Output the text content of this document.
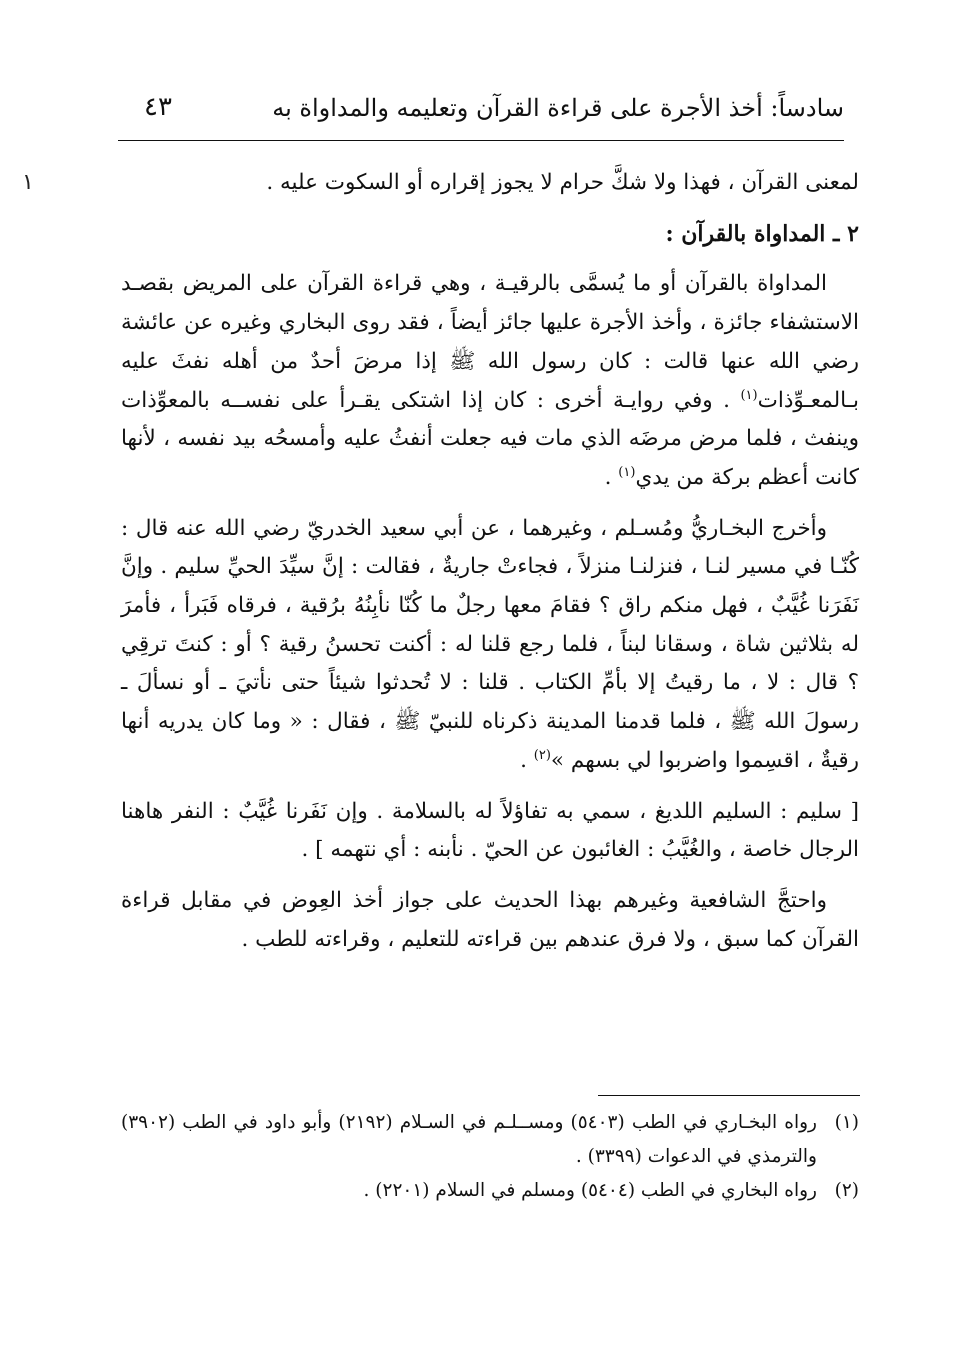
١
سادساً: أخذ الأجرة على قراءة القرآن وتعليمه والمداواة به
٤٣

لمعنى القرآن ، فهذا ولا شكَّ حرام لا يجوز إقراره أو السكوت عليه .

٢ ـ المداواة بالقرآن :

المداواة بالقرآن أو ما يُسمَّى بالرقيـة ، وهي قراءة القرآن على المريض بقصـد الاستشفاء جائزة ، وأخذ الأجرة عليها جائز أيضاً ، فقد روى البخاري وغيره عن عائشة رضي الله عنها قالت : كان رسول الله ﷺ إذا مرضَ أحدٌ من أهله نفثَ عليه بـالمعـوِّذات$^{(١)}$ . وفي روايـة أخرى : كان إذا اشتكى يقـرأ على نفســه بالمعوِّذات وينفث ، فلما مرض مرضَه الذي مات فيه جعلت أنفثُ عليه وأمسحُه بيد نفسه ، لأنها كانت أعظم بركة من يدي$^{(١)}$ .

وأخرج البخـاريُّ ومُسـلم ، وغيرهما ، عن أبي سعيد الخدريّ رضي الله عنه قال : كُنّـا في مسير لنـا ، فنزلنـا منزلاً ، فجاءتْ جاريةٌ ، فقالت : إنَّ سيِّدَ الحيِّ سليم . وإنَّ نَفَرَنا غُيَّبٌ ، فهل منكم راق ؟ فقامَ معها رجلٌ ما كُنّا نأبِنُهُ برُقية ، فرقاه فَبَرأ ، فأمرَ له بثلاثين شاة ، وسقانا لبناً ، فلما رجع قلنا له : أكنت تحسنُ رقية ؟ أو : كنتَ ترقِي ؟ قال : لا ، ما رقيتُ إلا بأمِّ الكتاب . قلنا : لا تُحدثوا شيئاً حتى نأتيَ ـ أو نسألَ ـ رسولَ الله ﷺ ، فلما قدمنا المدينة ذكرناه للنبيّ ﷺ ، فقال : « وما كان يدريه أنها رقيةٌ ، اقسِموا واضربوا لي بسهم »$^{(٢)}$ .

[ سليم : السليم اللديغ ، سمي به تفاؤلاً له بالسلامة . وإن نَفَرنا غُيَّبٌ : النفر هاهنا الرجال خاصة ، والغُيَّبُ : الغائبون عن الحيّ . نأبنه : أي نتهمه ] .

واحتجَّ الشافعية وغيرهم بهذا الحديث على جواز أخذ العِوض في مقابل قراءة القرآن كما سبق ، ولا فرق عندهم بين قراءته للتعليم ، وقراءته للطب .

(١)
رواه البخـاري في الطب (٥٤٠٣) ومســلـم في السـلام (٢١٩٢) وأبو داود في الطب (٣٩٠٢) والترمذي في الدعوات (٣٣٩٩) .

(٢)
رواه البخاري في الطب (٥٤٠٤) ومسلم في السلام (٢٢٠١) .
